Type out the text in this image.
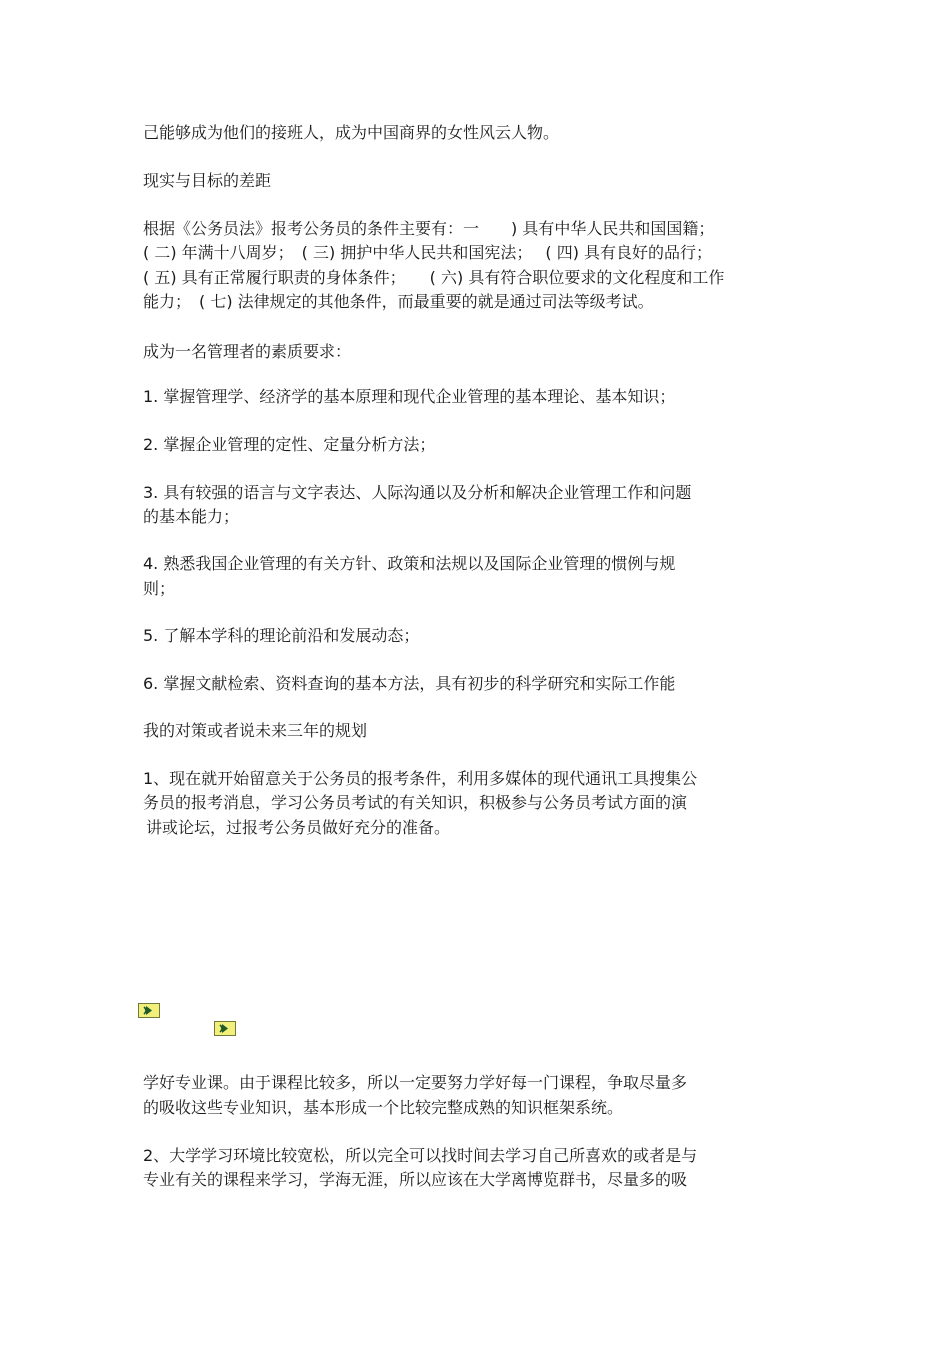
己能够成为他们的接班人，成为中国商界的女性风云人物。

现实与目标的差距

根据《公务员法》报考公务员的条件主要有：一　　) 具有中华人民共和国国籍；

( 二) 年满十八周岁；　( 三) 拥护中华人民共和国宪法；　 ( 四) 具有良好的品行；

( 五) 具有正常履行职责的身体条件；　　( 六) 具有符合职位要求的文化程度和工作

能力；　( 七) 法律规定的其他条件，而最重要的就是通过司法等级考试。

成为一名管理者的素质要求：

1. 掌握管理学、经济学的基本原理和现代企业管理的基本理论、基本知识；

2. 掌握企业管理的定性、定量分析方法；

3. 具有较强的语言与文字表达、人际沟通以及分析和解决企业管理工作和问题

的基本能力；

4. 熟悉我国企业管理的有关方针、政策和法规以及国际企业管理的惯例与规

则；

5. 了解本学科的理论前沿和发展动态；

6. 掌握文献检索、资料查询的基本方法，具有初步的科学研究和实际工作能

我的对策或者说未来三年的规划

1、现在就开始留意关于公务员的报考条件，利用多媒体的现代通讯工具搜集公

务员的报考消息，学习公务员考试的有关知识，积极参与公务员考试方面的演

讲或论坛，过报考公务员做好充分的准备。

学好专业课。由于课程比较多，所以一定要努力学好每一门课程，争取尽量多

的吸收这些专业知识，基本形成一个比较完整成熟的知识框架系统。

2、大学学习环境比较宽松，所以完全可以找时间去学习自己所喜欢的或者是与

专业有关的课程来学习，学海无涯，所以应该在大学离博览群书，尽量多的吸
